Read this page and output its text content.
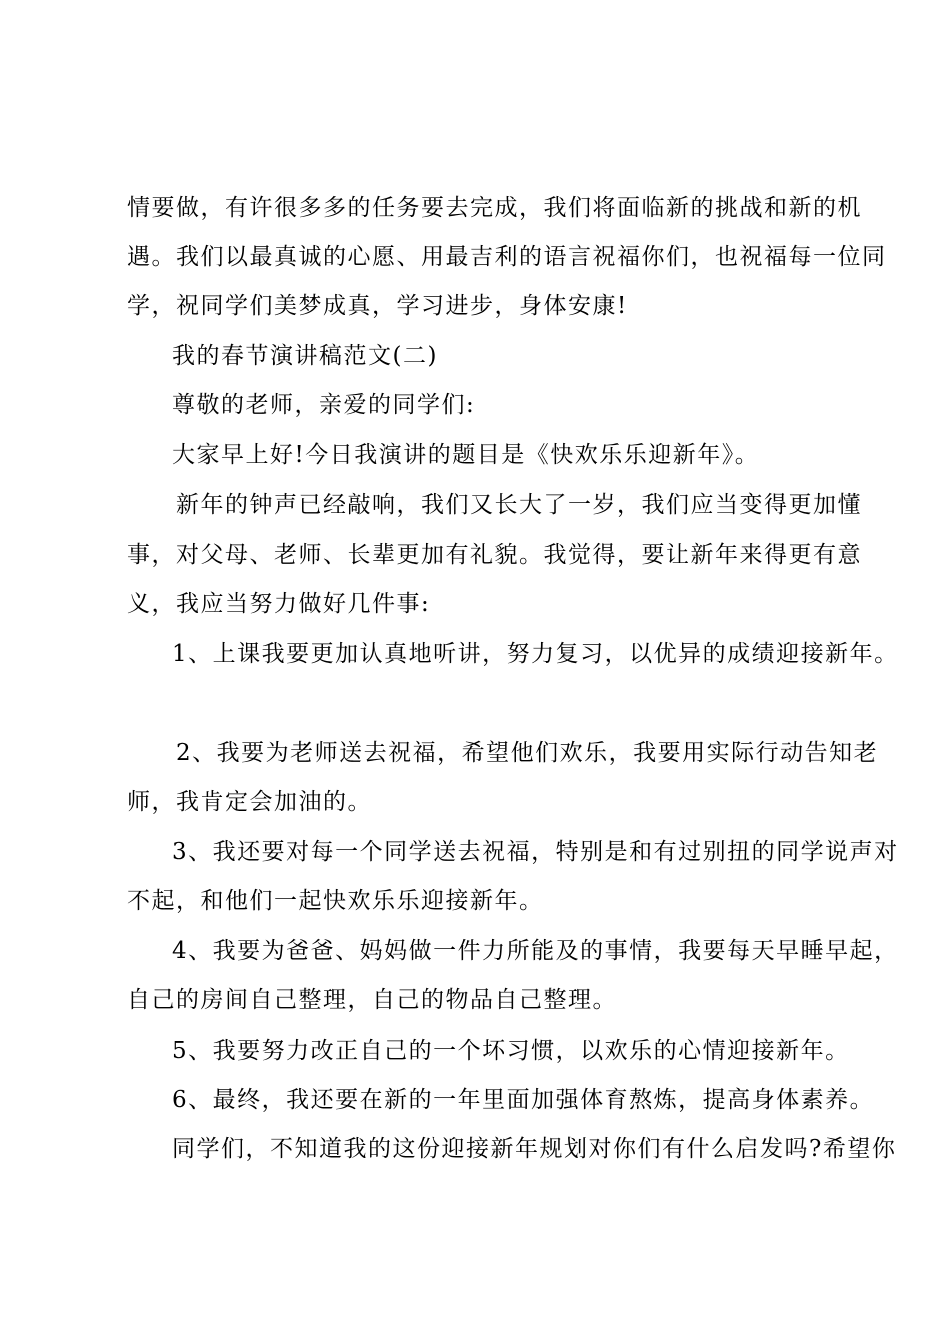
情要做，有许很多多的任务要去完成，我们将面临新的挑战和新的机

遇。我们以最真诚的心愿、用最吉利的语言祝福你们，也祝福每一位同

学，祝同学们美梦成真，学习进步，身体安康!

我的春节演讲稿范文(二)

尊敬的老师，亲爱的同学们:

大家早上好!今日我演讲的题目是《快欢乐乐迎新年》。

新年的钟声已经敲响，我们又长大了一岁，我们应当变得更加懂

事，对父母、老师、长辈更加有礼貌。我觉得，要让新年来得更有意

义，我应当努力做好几件事:

1、上课我要更加认真地听讲，努力复习，以优异的成绩迎接新年。

2、我要为老师送去祝福，希望他们欢乐，我要用实际行动告知老

师，我肯定会加油的。

3、我还要对每一个同学送去祝福，特别是和有过别扭的同学说声对

不起，和他们一起快欢乐乐迎接新年。

4、我要为爸爸、妈妈做一件力所能及的事情，我要每天早睡早起，

自己的房间自己整理，自己的物品自己整理。

5、我要努力改正自己的一个坏习惯，以欢乐的心情迎接新年。

6、最终，我还要在新的一年里面加强体育熬炼，提高身体素养。

同学们，不知道我的这份迎接新年规划对你们有什么启发吗?希望你
